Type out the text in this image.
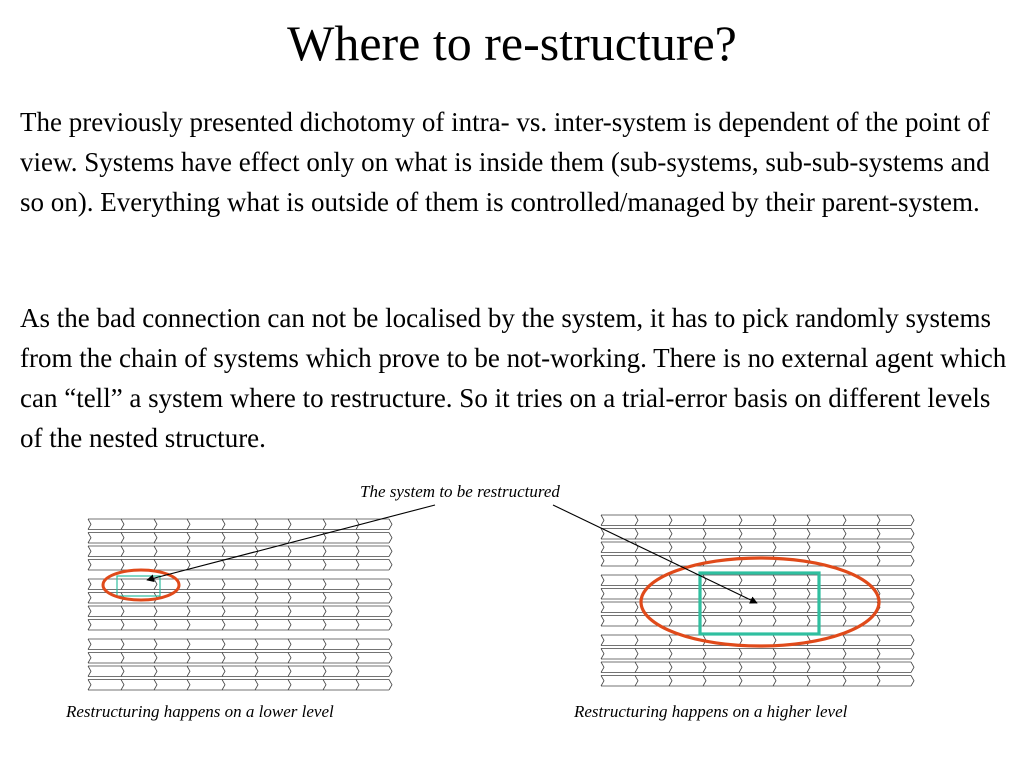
Where to re-structure?

The previously presented dichotomy of intra- vs. inter-system is dependent of the point of view. Systems have effect only on what is inside them (sub-systems, sub-sub-systems and so on). Everything what is outside of them is controlled/managed by their parent-system.

As the bad connection can not be localised by the system, it has to pick randomly systems from the chain of systems which prove to be not-working. There is no external agent which can “tell” a system where to restructure. So it tries on a trial-error basis on different levels of the nested structure.

The system to be restructured
Restructuring happens on a lower level	Restructuring happens on a higher level
